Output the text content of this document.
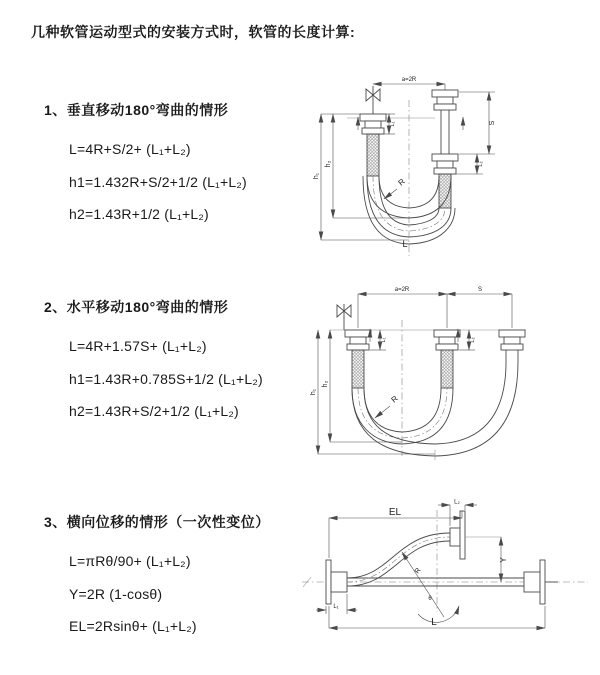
几种软管运动型式的安装方式时，软管的长度计算:
1、垂直移动180°弯曲的情形
L=4R+S/2+ (L₁+L₂)
h1=1.432R+S/2+1/2 (L₁+L₂)
h2=1.43R+1/2 (L₁+L₂)
2、水平移动180°弯曲的情形
L=4R+1.57S+ (L₁+L₂)
h1=1.43R+0.785S+1/2 (L₁+L₂)
h2=1.43R+S/2+1/2 (L₁+L₂)
3、横向位移的情形（一次性变位）
L=πRθ/90+ (L₁+L₂)
Y=2R (1-cosθ)
EL=2Rsinθ+ (L₁+L₂)
a=2R
S
L₂
h₁
h₂
L₁
R
L
a=2R	S
h₁
h₂
L₁	L₂
R
EL
L₂
Y
R
θ
L
L₁
